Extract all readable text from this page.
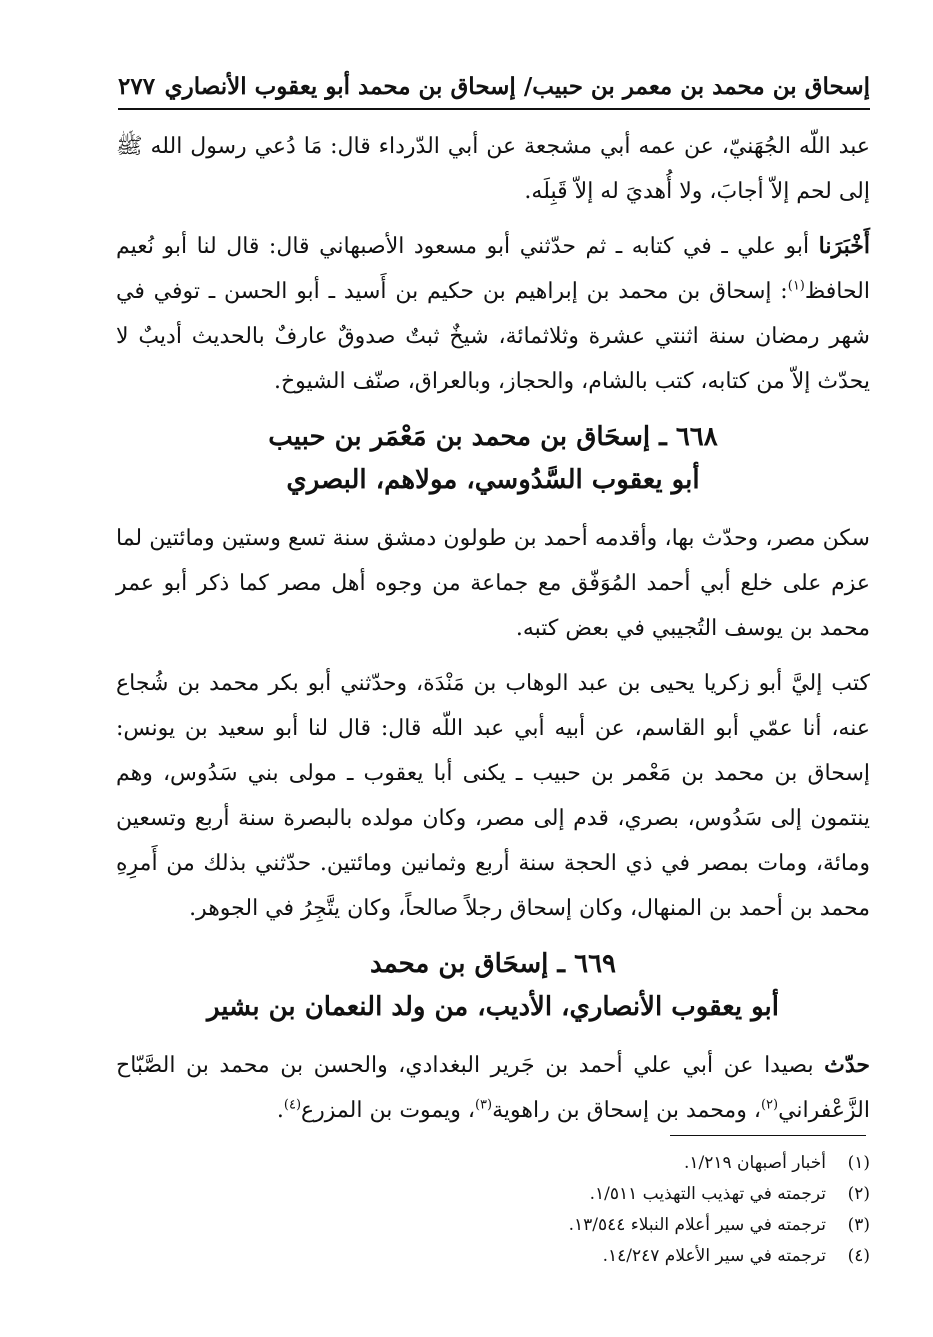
إسحاق بن محمد بن معمر بن حبيب/ إسحاق بن محمد أبو يعقوب الأنصاري
٢٧٧

عبد اللّه الجُهَنيّ، عن عمه أبي مشجعة عن أبي الدّرداء قال: مَا دُعي رسول الله ﷺ إلى لحم إلاّ أجابَ، ولا أُهديَ له إلاّ قَبِلَه.

أَخْبَرَنا أبو علي ـ في كتابه ـ ثم حدّثني أبو مسعود الأصبهاني قال: قال لنا أبو نُعيم الحافظ$^{(١)}$: إسحاق بن محمد بن إبراهيم بن حكيم بن أَسيد ـ أبو الحسن ـ توفي في شهر رمضان سنة اثنتي عشرة وثلاثمائة، شيخٌ ثبتٌ صدوقٌ عارفٌ بالحديث أديبٌ لا يحدّث إلاّ من كتابه، كتب بالشام، والحجاز، وبالعراق، صنّف الشيوخ.

٦٦٨ ـ إسحَاق بن محمد بن مَعْمَر بن حبيب
أبو يعقوب السَّدُوسي، مولاهم، البصري

سكن مصر، وحدّث بها، وأقدمه أحمد بن طولون دمشق سنة تسع وستين ومائتين لما عزم على خلع أبي أحمد المُوَفّق مع جماعة من وجوه أهل مصر كما ذكر أبو عمر محمد بن يوسف التُجيبي في بعض كتبه.

كتب إليَّ أبو زكريا يحيى بن عبد الوهاب بن مَنْدَة، وحدّثني أبو بكر محمد بن شُجاع عنه، أنا عمّي أبو القاسم، عن أبيه أبي عبد اللّه قال: قال لنا أبو سعيد بن يونس: إسحاق بن محمد بن مَعْمر بن حبيب ـ يكنى أبا يعقوب ـ مولى بني سَدُوس، وهم ينتمون إلى سَدُوس، بصري، قدم إلى مصر، وكان مولده بالبصرة سنة أربع وتسعين ومائة، ومات بمصر في ذي الحجة سنة أربع وثمانين ومائتين. حدّثني بذلك من أَمرِهِ محمد بن أحمد بن المنهال، وكان إسحاق رجلاً صالحاً، وكان يتَّجِرُ في الجوهر.

٦٦٩ ـ إسحَاق بن محمد
أبو يعقوب الأنصاري، الأديب، من ولد النعمان بن بشير

حدّث بصيدا عن أبي علي أحمد بن جَرير البغدادي، والحسن بن محمد بن الصَّبّاح الزَّعْفراني$^{(٢)}$، ومحمد بن إسحاق بن راهوية$^{(٣)}$، ويموت بن المزرع$^{(٤)}$.

(١)
أخبار أصبهان ١/٢١٩.
(٢)
ترجمته في تهذيب التهذيب ١/٥١١.
(٣)
ترجمته في سير أعلام النبلاء ١٣/٥٤٤.
(٤)
ترجمته في سير الأعلام ١٤/٢٤٧.
